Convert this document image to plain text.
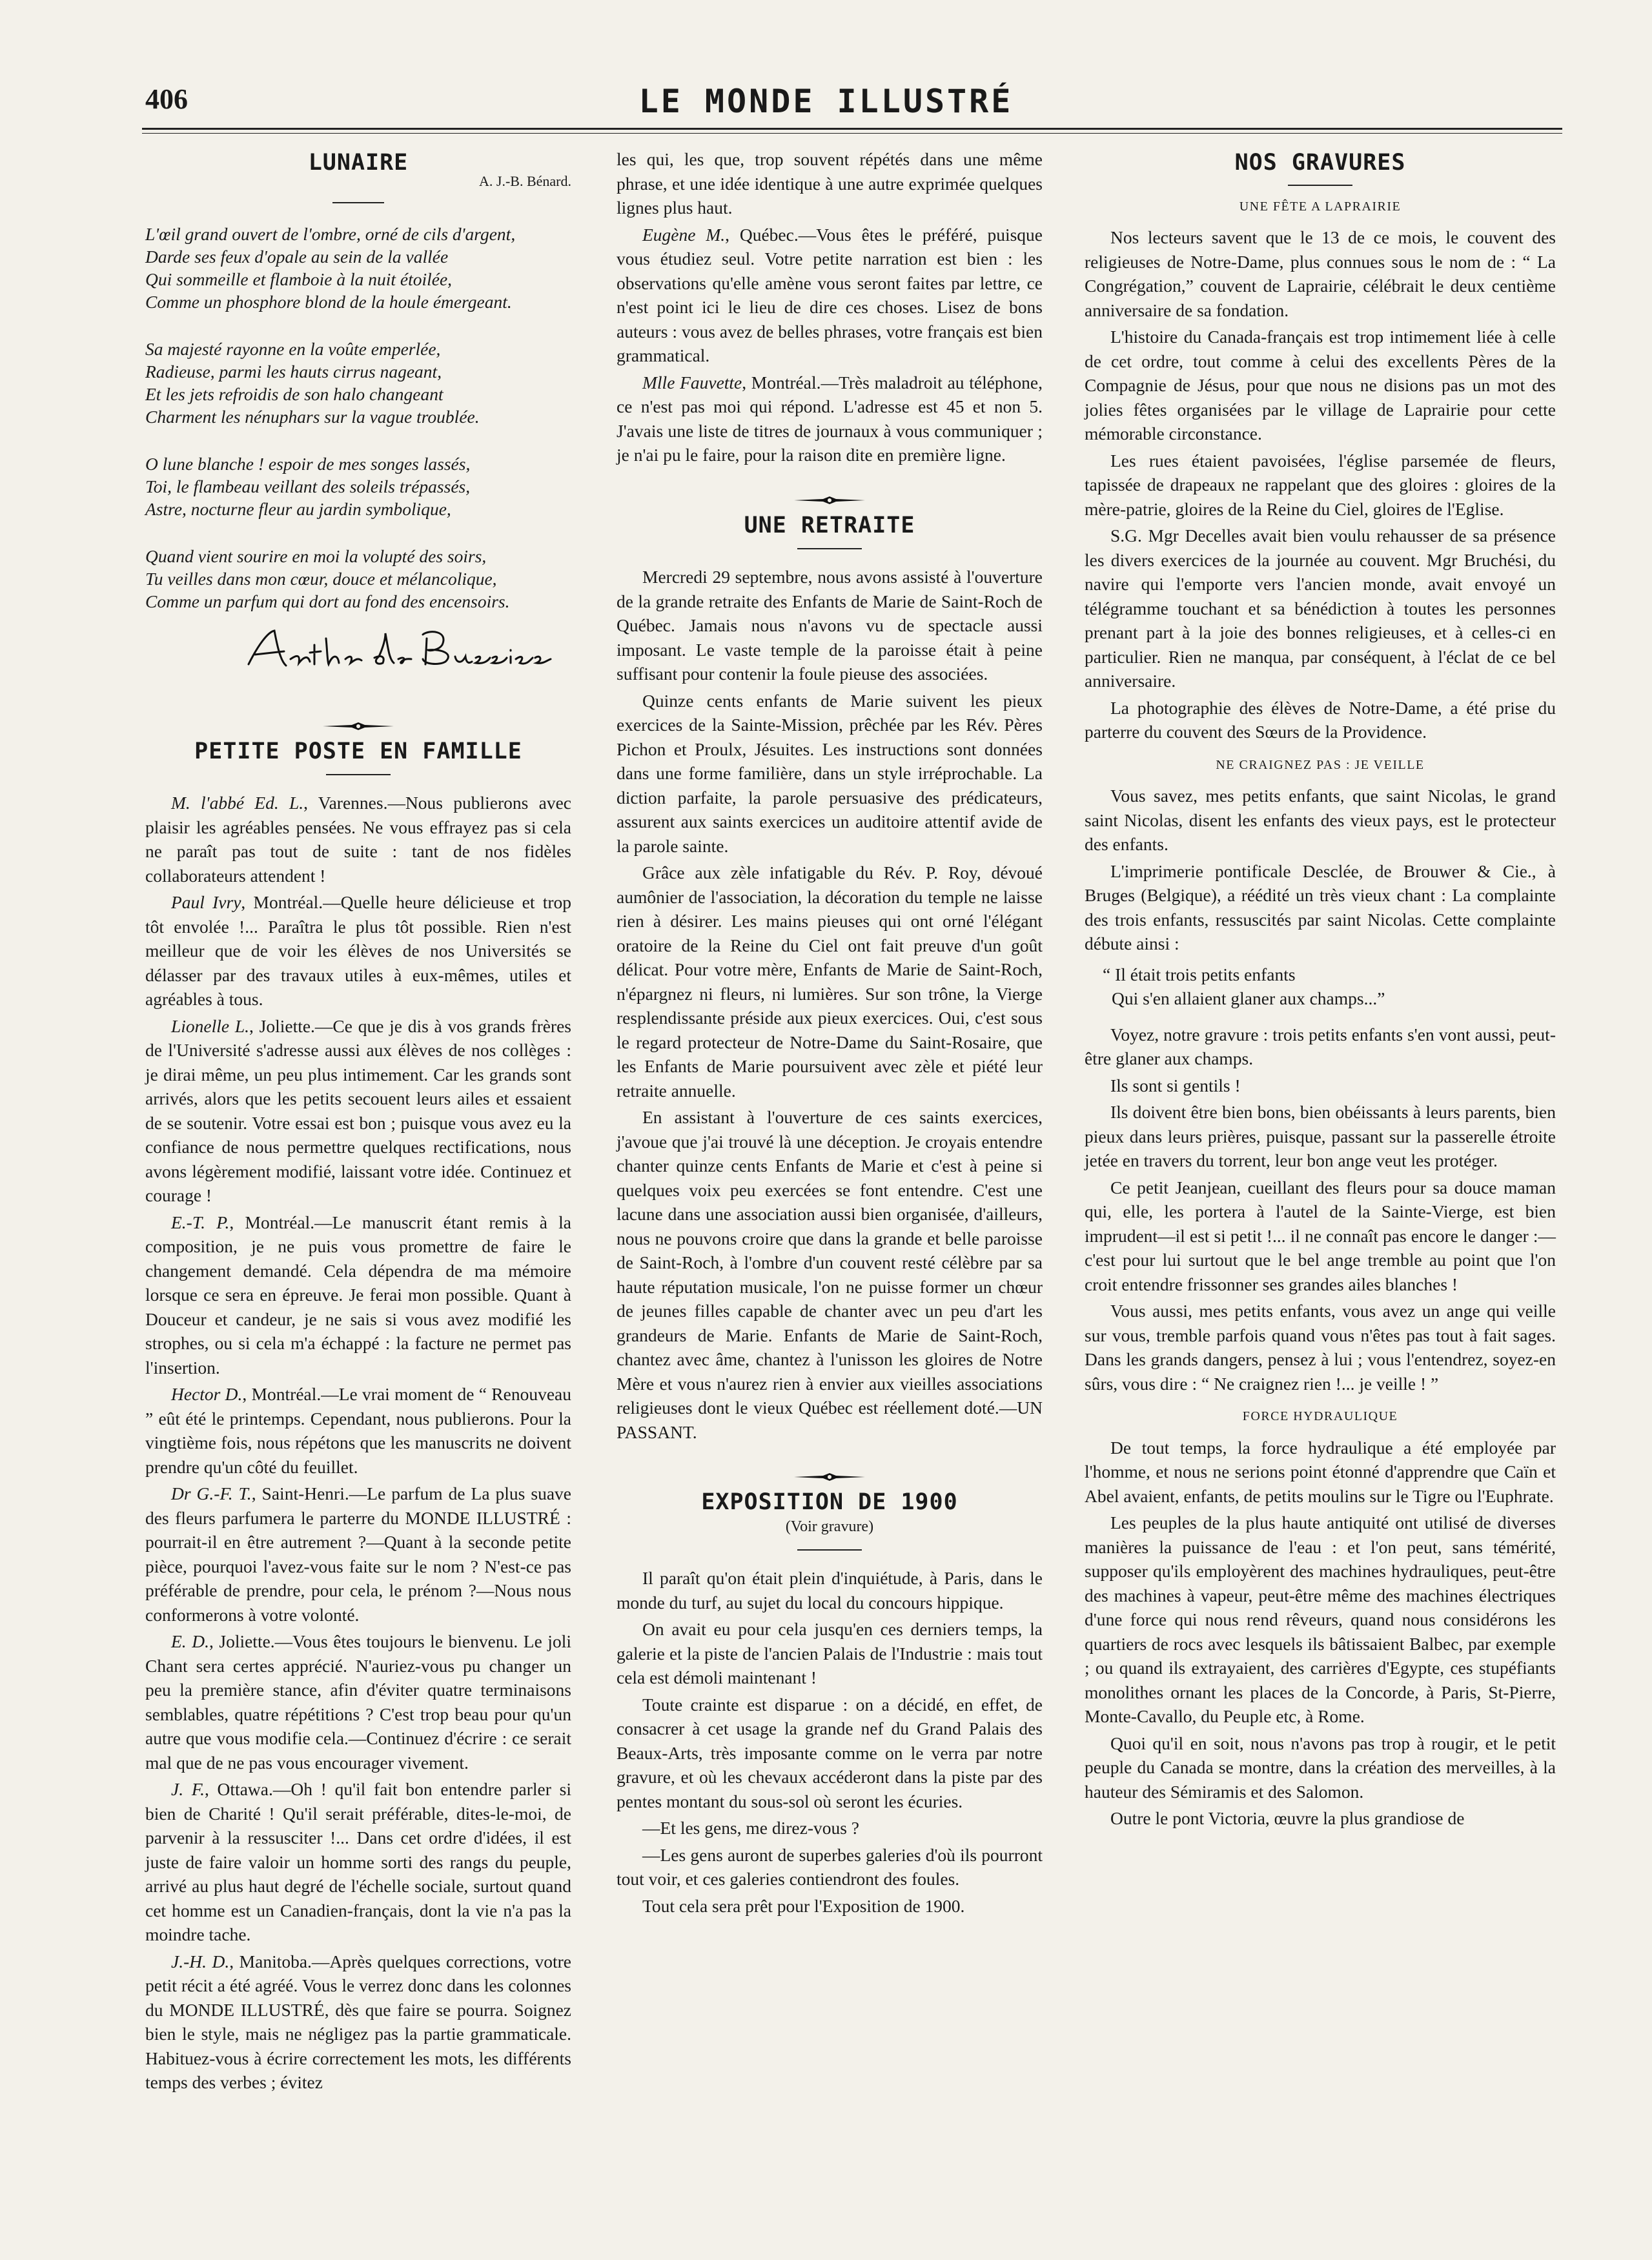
406	LE MONDE ILLUSTRÉ
LUNAIRE
A. J.-B. Bénard.

L'œil grand ouvert de l'ombre, orné de cils d'argent,

Darde ses feux d'opale au sein de la vallée

Qui sommeille et flamboie à la nuit étoilée,

Comme un phosphore blond de la houle émergeant.

Sa majesté rayonne en la voûte emperlée,

Radieuse, parmi les hauts cirrus nageant,

Et les jets refroidis de son halo changeant

Charment les nénuphars sur la vague troublée.

O lune blanche ! espoir de mes songes lassés,

Toi, le flambeau veillant des soleils trépassés,

Astre, nocturne fleur au jardin symbolique,

Quand vient sourire en moi la volupté des soirs,

Tu veilles dans mon cœur, douce et mélancolique,

Comme un parfum qui dort au fond des encensoirs.

PETITE POSTE EN FAMILLE

M. l'abbé Ed. L., Varennes.—Nous publierons avec plaisir les agréables pensées. Ne vous effrayez pas si cela ne paraît pas tout de suite : tant de nos fidèles collaborateurs attendent !

Paul Ivry, Montréal.—Quelle heure délicieuse et trop tôt envolée !... Paraîtra le plus tôt possible. Rien n'est meilleur que de voir les élèves de nos Universités se délasser par des travaux utiles à eux-mêmes, utiles et agréables à tous.

Lionelle L., Joliette.—Ce que je dis à vos grands frères de l'Université s'adresse aussi aux élèves de nos collèges : je dirai même, un peu plus intimement. Car les grands sont arrivés, alors que les petits secouent leurs ailes et essaient de se soutenir. Votre essai est bon ; puisque vous avez eu la confiance de nous permettre quelques rectifications, nous avons légèrement modifié, laissant votre idée. Continuez et courage !

E.-T. P., Montréal.—Le manuscrit étant remis à la composition, je ne puis vous promettre de faire le changement demandé. Cela dépendra de ma mémoire lorsque ce sera en épreuve. Je ferai mon possible. Quant à Douceur et candeur, je ne sais si vous avez modifié les strophes, ou si cela m'a échappé : la facture ne permet pas l'insertion.

Hector D., Montréal.—Le vrai moment de “ Renouveau ” eût été le printemps. Cependant, nous publierons. Pour la vingtième fois, nous répétons que les manuscrits ne doivent prendre qu'un côté du feuillet.

Dr G.-F. T., Saint-Henri.—Le parfum de La plus suave des fleurs parfumera le parterre du MONDE ILLUSTRÉ : pourrait-il en être autrement ?—Quant à la seconde petite pièce, pourquoi l'avez-vous faite sur le nom ? N'est-ce pas préférable de prendre, pour cela, le prénom ?—Nous nous conformerons à votre volonté.

E. D., Joliette.—Vous êtes toujours le bienvenu. Le joli Chant sera certes apprécié. N'auriez-vous pu changer un peu la première stance, afin d'éviter quatre terminaisons semblables, quatre répétitions ? C'est trop beau pour qu'un autre que vous modifie cela.—Continuez d'écrire : ce serait mal que de ne pas vous encourager vivement.

J. F., Ottawa.—Oh ! qu'il fait bon entendre parler si bien de Charité ! Qu'il serait préférable, dites-le-moi, de parvenir à la ressusciter !... Dans cet ordre d'idées, il est juste de faire valoir un homme sorti des rangs du peuple, arrivé au plus haut degré de l'échelle sociale, surtout quand cet homme est un Canadien-français, dont la vie n'a pas la moindre tache.

J.-H. D., Manitoba.—Après quelques corrections, votre petit récit a été agréé. Vous le verrez donc dans les colonnes du MONDE ILLUSTRÉ, dès que faire se pourra. Soignez bien le style, mais ne négligez pas la partie grammaticale. Habituez-vous à écrire correctement les mots, les différents temps des verbes ; évitez

les qui, les que, trop souvent répétés dans une même phrase, et une idée identique à une autre exprimée quelques lignes plus haut.

Eugène M., Québec.—Vous êtes le préféré, puisque vous étudiez seul. Votre petite narration est bien : les observations qu'elle amène vous seront faites par lettre, ce n'est point ici le lieu de dire ces choses. Lisez de bons auteurs : vous avez de belles phrases, votre français est bien grammatical.

Mlle Fauvette, Montréal.—Très maladroit au téléphone, ce n'est pas moi qui répond. L'adresse est 45 et non 5. J'avais une liste de titres de journaux à vous communiquer ; je n'ai pu le faire, pour la raison dite en première ligne.

UNE RETRAITE

Mercredi 29 septembre, nous avons assisté à l'ouverture de la grande retraite des Enfants de Marie de Saint-Roch de Québec. Jamais nous n'avons vu de spectacle aussi imposant. Le vaste temple de la paroisse était à peine suffisant pour contenir la foule pieuse des associées.

Quinze cents enfants de Marie suivent les pieux exercices de la Sainte-Mission, prêchée par les Rév. Pères Pichon et Proulx, Jésuites. Les instructions sont données dans une forme familière, dans un style irréprochable. La diction parfaite, la parole persuasive des prédicateurs, assurent aux saints exercices un auditoire attentif avide de la parole sainte.

Grâce aux zèle infatigable du Rév. P. Roy, dévoué aumônier de l'association, la décoration du temple ne laisse rien à désirer. Les mains pieuses qui ont orné l'élégant oratoire de la Reine du Ciel ont fait preuve d'un goût délicat. Pour votre mère, Enfants de Marie de Saint-Roch, n'épargnez ni fleurs, ni lumières. Sur son trône, la Vierge resplendissante préside aux pieux exercices. Oui, c'est sous le regard protecteur de Notre-Dame du Saint-Rosaire, que les Enfants de Marie poursuivent avec zèle et piété leur retraite annuelle.

En assistant à l'ouverture de ces saints exercices, j'avoue que j'ai trouvé là une déception. Je croyais entendre chanter quinze cents Enfants de Marie et c'est à peine si quelques voix peu exercées se font entendre. C'est une lacune dans une association aussi bien organisée, d'ailleurs, nous ne pouvons croire que dans la grande et belle paroisse de Saint-Roch, à l'ombre d'un couvent resté célèbre par sa haute réputation musicale, l'on ne puisse former un chœur de jeunes filles capable de chanter avec un peu d'art les grandeurs de Marie. Enfants de Marie de Saint-Roch, chantez avec âme, chantez à l'unisson les gloires de Notre Mère et vous n'aurez rien à envier aux vieilles associations religieuses dont le vieux Québec est réellement doté.—UN PASSANT.

EXPOSITION DE 1900
(Voir gravure)

Il paraît qu'on était plein d'inquiétude, à Paris, dans le monde du turf, au sujet du local du concours hippique.

On avait eu pour cela jusqu'en ces derniers temps, la galerie et la piste de l'ancien Palais de l'Industrie : mais tout cela est démoli maintenant !

Toute crainte est disparue : on a décidé, en effet, de consacrer à cet usage la grande nef du Grand Palais des Beaux-Arts, très imposante comme on le verra par notre gravure, et où les chevaux accéderont dans la piste par des pentes montant du sous-sol où seront les écuries.

—Et les gens, me direz-vous ?

—Les gens auront de superbes galeries d'où ils pourront tout voir, et ces galeries contiendront des foules.

Tout cela sera prêt pour l'Exposition de 1900.

NOS GRAVURES
UNE FÊTE A LAPRAIRIE

Nos lecteurs savent que le 13 de ce mois, le couvent des religieuses de Notre-Dame, plus connues sous le nom de : “ La Congrégation,” couvent de Laprairie, célébrait le deux centième anniversaire de sa fondation.

L'histoire du Canada-français est trop intimement liée à celle de cet ordre, tout comme à celui des excellents Pères de la Compagnie de Jésus, pour que nous ne disions pas un mot des jolies fêtes organisées par le village de Laprairie pour cette mémorable circonstance.

Les rues étaient pavoisées, l'église parsemée de fleurs, tapissée de drapeaux ne rappelant que des gloires : gloires de la mère-patrie, gloires de la Reine du Ciel, gloires de l'Eglise.

S.G. Mgr Decelles avait bien voulu rehausser de sa présence les divers exercices de la journée au couvent. Mgr Bruchési, du navire qui l'emporte vers l'ancien monde, avait envoyé un télégramme touchant et sa bénédiction à toutes les personnes prenant part à la joie des bonnes religieuses, et à celles-ci en particulier. Rien ne manqua, par conséquent, à l'éclat de ce bel anniversaire.

La photographie des élèves de Notre-Dame, a été prise du parterre du couvent des Sœurs de la Providence.

NE CRAIGNEZ PAS : JE VEILLE

Vous savez, mes petits enfants, que saint Nicolas, le grand saint Nicolas, disent les enfants des vieux pays, est le protecteur des enfants.

L'imprimerie pontificale Desclée, de Brouwer & Cie., à Bruges (Belgique), a réédité un très vieux chant : La complainte des trois enfants, ressuscités par saint Nicolas. Cette complainte débute ainsi :

“ Il était trois petits enfants
Qui s'en allaient glaner aux champs...”

Voyez, notre gravure : trois petits enfants s'en vont aussi, peut-être glaner aux champs.

Ils sont si gentils !

Ils doivent être bien bons, bien obéissants à leurs parents, bien pieux dans leurs prières, puisque, passant sur la passerelle étroite jetée en travers du torrent, leur bon ange veut les protéger.

Ce petit Jeanjean, cueillant des fleurs pour sa douce maman qui, elle, les portera à l'autel de la Sainte-Vierge, est bien imprudent—il est si petit !... il ne connaît pas encore le danger :—c'est pour lui surtout que le bel ange tremble au point que l'on croit entendre frissonner ses grandes ailes blanches !

Vous aussi, mes petits enfants, vous avez un ange qui veille sur vous, tremble parfois quand vous n'êtes pas tout à fait sages. Dans les grands dangers, pensez à lui ; vous l'entendrez, soyez-en sûrs, vous dire : “ Ne craignez rien !... je veille ! ”

FORCE HYDRAULIQUE

De tout temps, la force hydraulique a été employée par l'homme, et nous ne serions point étonné d'apprendre que Caïn et Abel avaient, enfants, de petits moulins sur le Tigre ou l'Euphrate.

Les peuples de la plus haute antiquité ont utilisé de diverses manières la puissance de l'eau : et l'on peut, sans témérité, supposer qu'ils employèrent des machines hydrauliques, peut-être des machines à vapeur, peut-être même des machines électriques d'une force qui nous rend rêveurs, quand nous considérons les quartiers de rocs avec lesquels ils bâtissaient Balbec, par exemple ; ou quand ils extrayaient, des carrières d'Egypte, ces stupéfiants monolithes ornant les places de la Concorde, à Paris, St-Pierre, Monte-Cavallo, du Peuple etc, à Rome.

Quoi qu'il en soit, nous n'avons pas trop à rougir, et le petit peuple du Canada se montre, dans la création des merveilles, à la hauteur des Sémiramis et des Salomon.

Outre le pont Victoria, œuvre la plus grandiose de
